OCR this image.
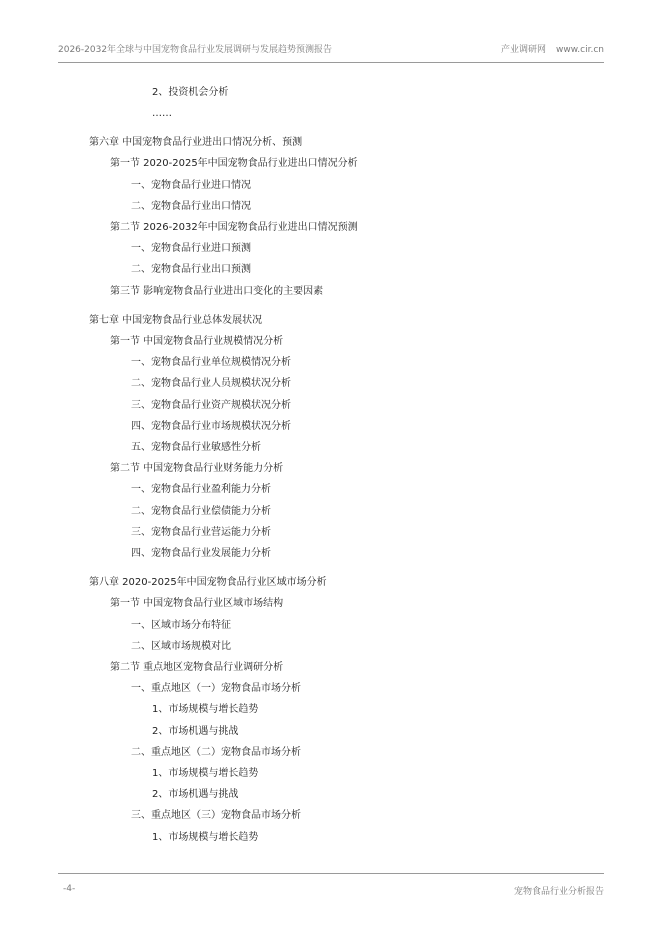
2026-2032年全球与中国宠物食品行业发展调研与发展趋势预测报告	产业调研网 www.cir.cn
2、投资机会分析
……
第六章 中国宠物食品行业进出口情况分析、预测
第一节 2020-2025年中国宠物食品行业进出口情况分析
一、宠物食品行业进口情况
二、宠物食品行业出口情况
第二节 2026-2032年中国宠物食品行业进出口情况预测
一、宠物食品行业进口预测
二、宠物食品行业出口预测
第三节 影响宠物食品行业进出口变化的主要因素
第七章 中国宠物食品行业总体发展状况
第一节 中国宠物食品行业规模情况分析
一、宠物食品行业单位规模情况分析
二、宠物食品行业人员规模状况分析
三、宠物食品行业资产规模状况分析
四、宠物食品行业市场规模状况分析
五、宠物食品行业敏感性分析
第二节 中国宠物食品行业财务能力分析
一、宠物食品行业盈利能力分析
二、宠物食品行业偿债能力分析
三、宠物食品行业营运能力分析
四、宠物食品行业发展能力分析
第八章 2020-2025年中国宠物食品行业区域市场分析
第一节 中国宠物食品行业区域市场结构
一、区域市场分布特征
二、区域市场规模对比
第二节 重点地区宠物食品行业调研分析
一、重点地区（一）宠物食品市场分析
1、市场规模与增长趋势
2、市场机遇与挑战
二、重点地区（二）宠物食品市场分析
1、市场规模与增长趋势
2、市场机遇与挑战
三、重点地区（三）宠物食品市场分析
1、市场规模与增长趋势
-4-	宠物食品行业分析报告
